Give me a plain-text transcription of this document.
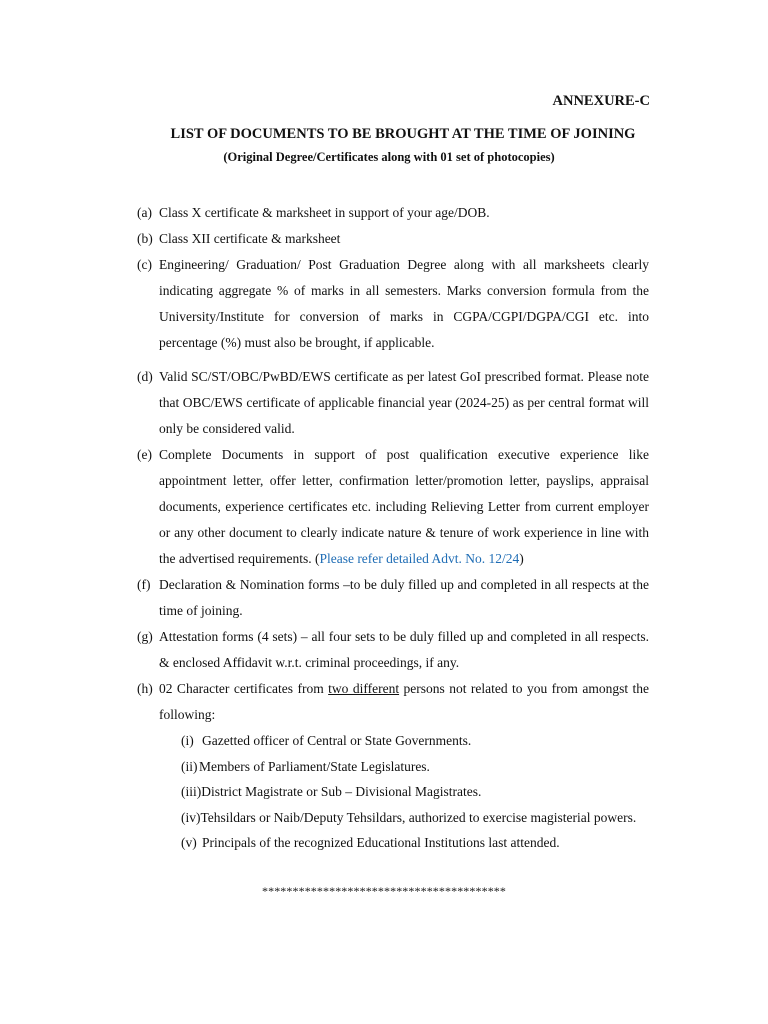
ANNEXURE-C
LIST OF DOCUMENTS TO BE BROUGHT AT THE TIME OF JOINING
(Original Degree/Certificates along with 01 set of photocopies)
(a) Class X certificate & marksheet in support of your age/DOB.
(b) Class XII certificate & marksheet
(c) Engineering/ Graduation/ Post Graduation Degree along with all marksheets clearly indicating aggregate % of marks in all semesters. Marks conversion formula from the University/Institute for conversion of marks in CGPA/CGPI/DGPA/CGI etc. into percentage (%) must also be brought, if applicable.
(d) Valid SC/ST/OBC/PwBD/EWS certificate as per latest GoI prescribed format. Please note that OBC/EWS certificate of applicable financial year (2024-25) as per central format will only be considered valid.
(e) Complete Documents in support of post qualification executive experience like appointment letter, offer letter, confirmation letter/promotion letter, payslips, appraisal documents, experience certificates etc. including Relieving Letter from current employer or any other document to clearly indicate nature & tenure of work experience in line with the advertised requirements. (Please refer detailed Advt. No. 12/24)
(f) Declaration & Nomination forms –to be duly filled up and completed in all respects at the time of joining.
(g) Attestation forms (4 sets) – all four sets to be duly filled up and completed in all respects. & enclosed Affidavit w.r.t. criminal proceedings, if any.
(h) 02 Character certificates from two different persons not related to you from amongst the following:
(i) Gazetted officer of Central or State Governments.
(ii) Members of Parliament/State Legislatures.
(iii) District Magistrate or Sub – Divisional Magistrates.
(iv) Tehsildars or Naib/Deputy Tehsildars, authorized to exercise magisterial powers.
(v) Principals of the recognized Educational Institutions last attended.
****************************************
